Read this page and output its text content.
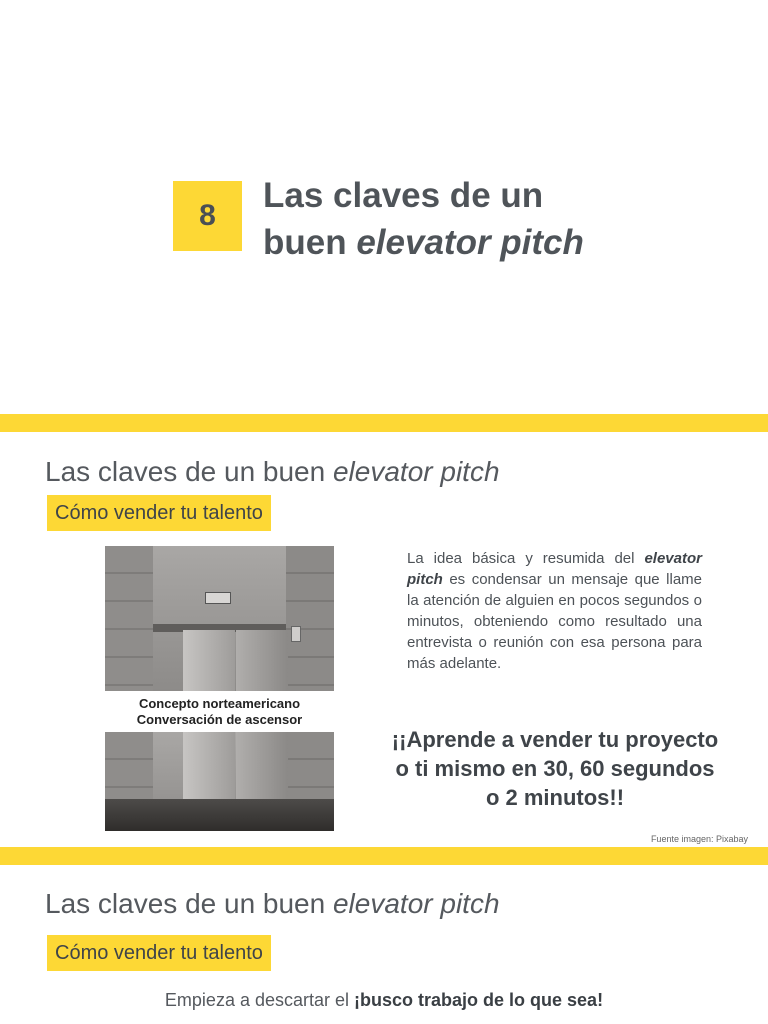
8
Las claves de un
buen elevator pitch
Las claves de un buen elevator pitch
Cómo vender tu talento
Concepto norteamericano
Conversación de ascensor
La idea básica y resumida del elevator pitch es condensar un mensaje que llame la atención de alguien en pocos segundos o minutos, obteniendo como resultado una entrevista o reunión con esa persona para más adelante.
¡¡Aprende a vender tu proyecto o ti mismo en 30, 60 segundos o 2 minutos!!
Fuente imagen: Pixabay
Las claves de un buen elevator pitch
Cómo vender tu talento
Empieza a descartar el ¡busco trabajo de lo que sea!
